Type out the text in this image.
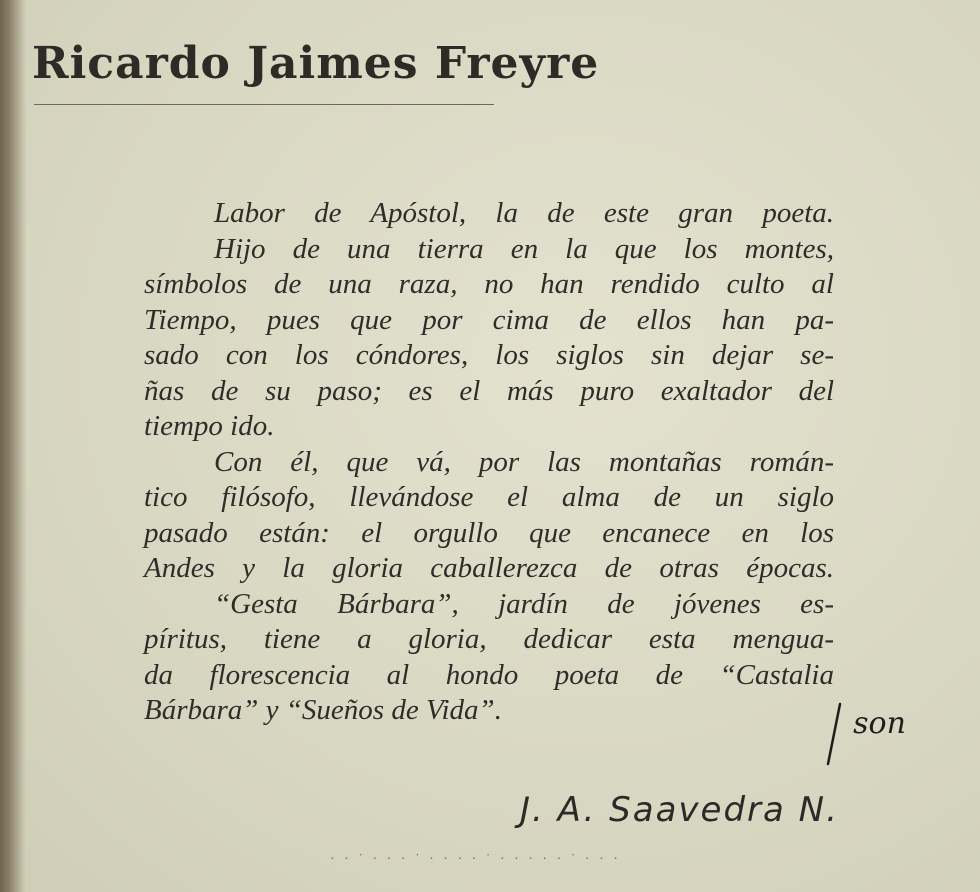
Ricardo Jaimes Freyre
Labor de Apóstol, la de este gran poeta.
Hijo de una tierra en la que los montes,
símbolos de una raza, no han rendido culto al
Tiempo, pues que por cima de ellos han pa-
sado con los cóndores, los siglos sin dejar se-
ñas de su paso; es el más puro exaltador del
tiempo ido.
Con él, que vá, por las montañas román-
tico filósofo, llevándose el alma de un siglo
pasado están: el orgullo que encanece en los
Andes y la gloria caballerezca de otras épocas.
“Gesta Bárbara”, jardín de jóvenes es-
píritus, tiene a gloria, dedicar esta mengua-
da florescencia al hondo poeta de “Castalia
Bárbara” y “Sueños de Vida”.	son
J. A. Saavedra N.
· · ˙ · · · ˙ · · · · ˙ · · · · · ˙ · · ·
